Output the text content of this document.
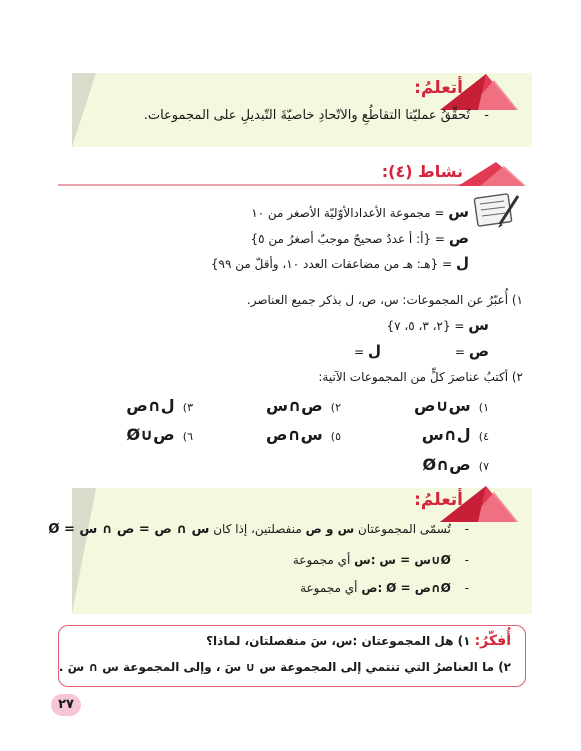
أتعلمُ:
- تُحقِّقُ عمليّتا التقاطُعِ والاتّحادِ خاصيّةَ التّبديلِ على المجموعات.
نشاط (٤):
س = مجموعة الأعدادالأوّليّة الأصغر من ١٠
ص = {أ: أ عددٌ صحيحٌ موجبٌ أصغرُ من ٥}
ل = {هـ: هـ من مضاعفات العدد ١٠، وأقلّ من ٩٩}
١) أُعبّرُ عن المجموعات: س، ص، ل بذكر جميع العناصر.
س = {٢، ٣، ٥، ٧}
ص =
ل =
٢) أكتبُ عناصرَ كلٍّ من المجموعات الآتية:
١) س∪ص
٢) ص∩س
٣) ل∩ص
٤) ل∩س
٥) س∩ص
٦) ص∪Ø
٧) ص∩Ø
أتعلمُ:
- تُسمّى المجموعتان س و ص منفصلتين، إذا كان س ∩ ص = ص ∩ س = Ø
- Ø∪س = س :س أي مجموعة
- Ø∩ص = Ø :ص أي مجموعة
أُفكّرُ: ١) هل المجموعتان :س، سَ منفصلتان، لماذا؟
٢) ما العناصرُ التي تنتمي إلى المجموعة س ∪ سَ ، وإلى المجموعة س ∩ سَ .
٢٧
